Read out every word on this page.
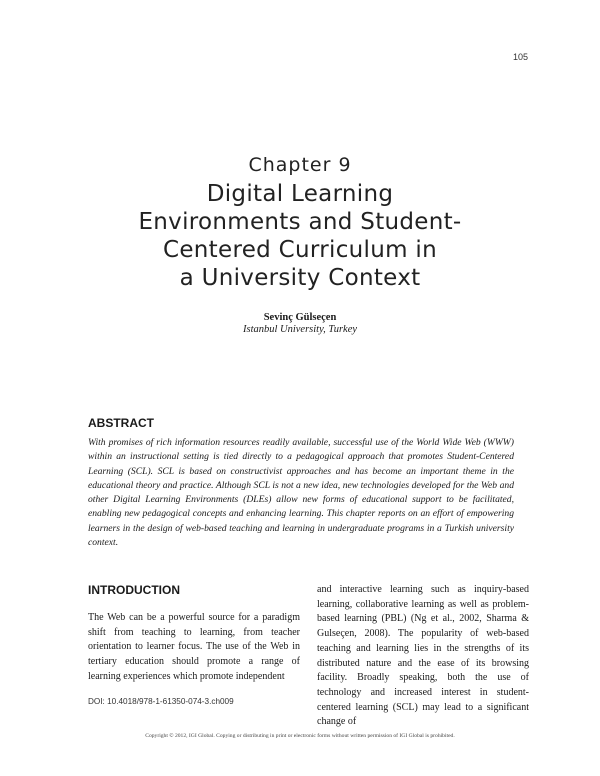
105
Chapter 9
Digital Learning
Environments and Student-
Centered Curriculum in
a University Context
Sevinç Gülseçen
Istanbul University, Turkey
ABSTRACT
With promises of rich information resources readily available, successful use of the World Wide Web (WWW) within an instructional setting is tied directly to a pedagogical approach that promotes Student-Centered Learning (SCL). SCL is based on constructivist approaches and has become an important theme in the educational theory and practice. Although SCL is not a new idea, new technologies developed for the Web and other Digital Learning Environments (DLEs) allow new forms of educational support to be facilitated, enabling new pedagogical concepts and enhancing learning. This chapter reports on an effort of empowering learners in the design of web-based teaching and learning in undergraduate programs in a Turkish university context.
INTRODUCTION
The Web can be a powerful source for a paradigm shift from teaching to learning, from teacher orientation to learner focus. The use of the Web in tertiary education should promote a range of learning experiences which promote independent
and interactive learning such as inquiry-based learning, collaborative learning as well as problem-based learning (PBL) (Ng et al., 2002, Sharma & Gulseçen, 2008). The popularity of web-based teaching and learning lies in the strengths of its distributed nature and the ease of its browsing facility. Broadly speaking, both the use of technology and increased interest in student-centered learning (SCL) may lead to a significant change of
DOI: 10.4018/978-1-61350-074-3.ch009
Copyright © 2012, IGI Global. Copying or distributing in print or electronic forms without written permission of IGI Global is prohibited.
